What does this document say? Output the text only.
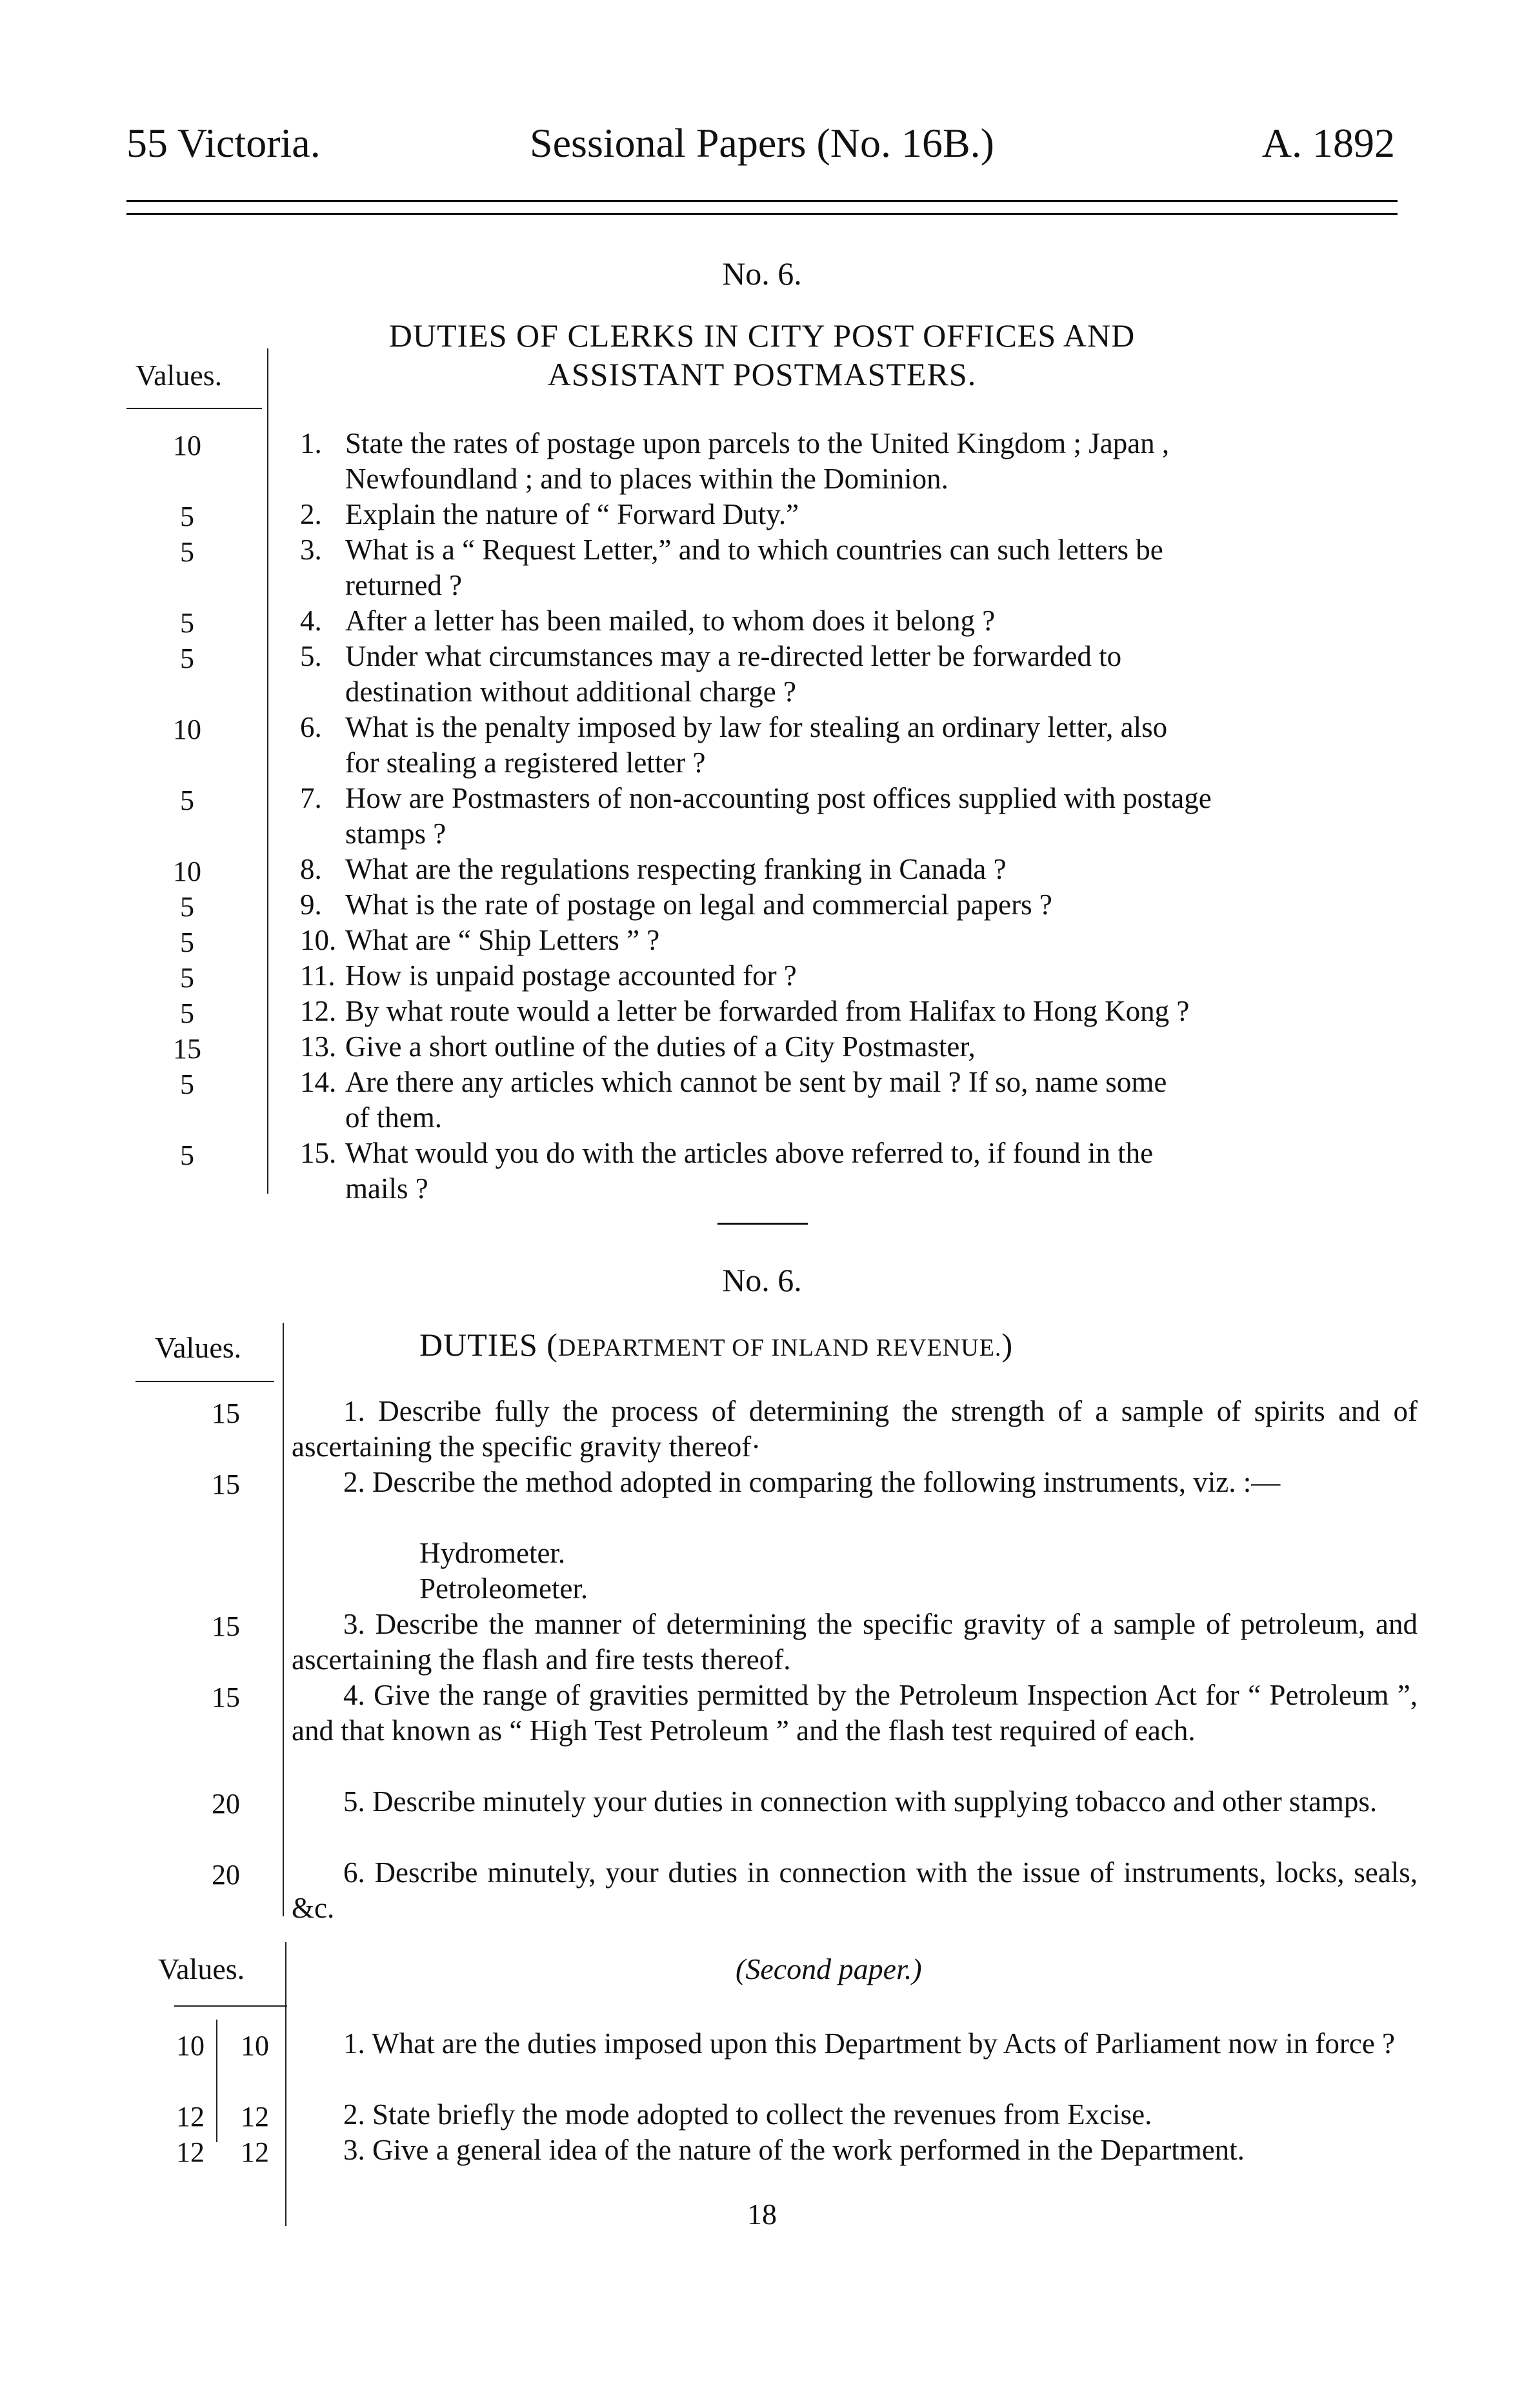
55 Victoria.	Sessional Papers (No. 16B.)	A. 1892
No. 6.
DUTIES OF CLERKS IN CITY POST OFFICES AND
ASSISTANT POSTMASTERS.
Values.
10	1. State the rates of postage upon parcels to the United Kingdom ; Japan ,
Newfoundland ; and to places within the Dominion.
5	2. Explain the nature of “ Forward Duty.”
5	3. What is a “ Request Letter,” and to which countries can such letters be
returned ?
5	4. After a letter has been mailed, to whom does it belong ?
5	5. Under what circumstances may a re-directed letter be forwarded to
destination without additional charge ?
10	6. What is the penalty imposed by law for stealing an ordinary letter, also
for stealing a registered letter ?
5	7. How are Postmasters of non-accounting post offices supplied with postage
stamps ?
10	8. What are the regulations respecting franking in Canada ?
5	9. What is the rate of postage on legal and commercial papers ?
5	10. What are “ Ship Letters ” ?
5	11. How is unpaid postage accounted for ?
5	12. By what route would a letter be forwarded from Halifax to Hong Kong ?
15	13. Give a short outline of the duties of a City Postmaster,
5	14. Are there any articles which cannot be sent by mail ? If so, name some
of them.
5	15. What would you do with the articles above referred to, if found in the
mails ?
No. 6.
Values.	DUTIES (DEPARTMENT OF INLAND REVENUE.)
15	1. Describe fully the process of determining the strength of a sample of spirits and of ascertaining the specific gravity thereof·
15	2. Describe the method adopted in comparing the following instruments, viz. :—
Hydrometer.
Petroleometer.
15	3. Describe the manner of determining the specific gravity of a sample of petroleum, and ascertaining the flash and fire tests thereof.
15	4. Give the range of gravities permitted by the Petroleum Inspection Act for “ Petroleum ”, and that known as “ High Test Petroleum ” and the flash test required of each.
20	5. Describe minutely your duties in connection with supplying tobacco and other stamps.
20	6. Describe minutely, your duties in connection with the issue of instruments, locks, seals, &c.
Values.	(Second paper.)
10	10	1. What are the duties imposed upon this Department by Acts of Parliament now in force ?
12	12	2. State briefly the mode adopted to collect the revenues from Excise.
12	12	3. Give a general idea of the nature of the work performed in the Department.
18
